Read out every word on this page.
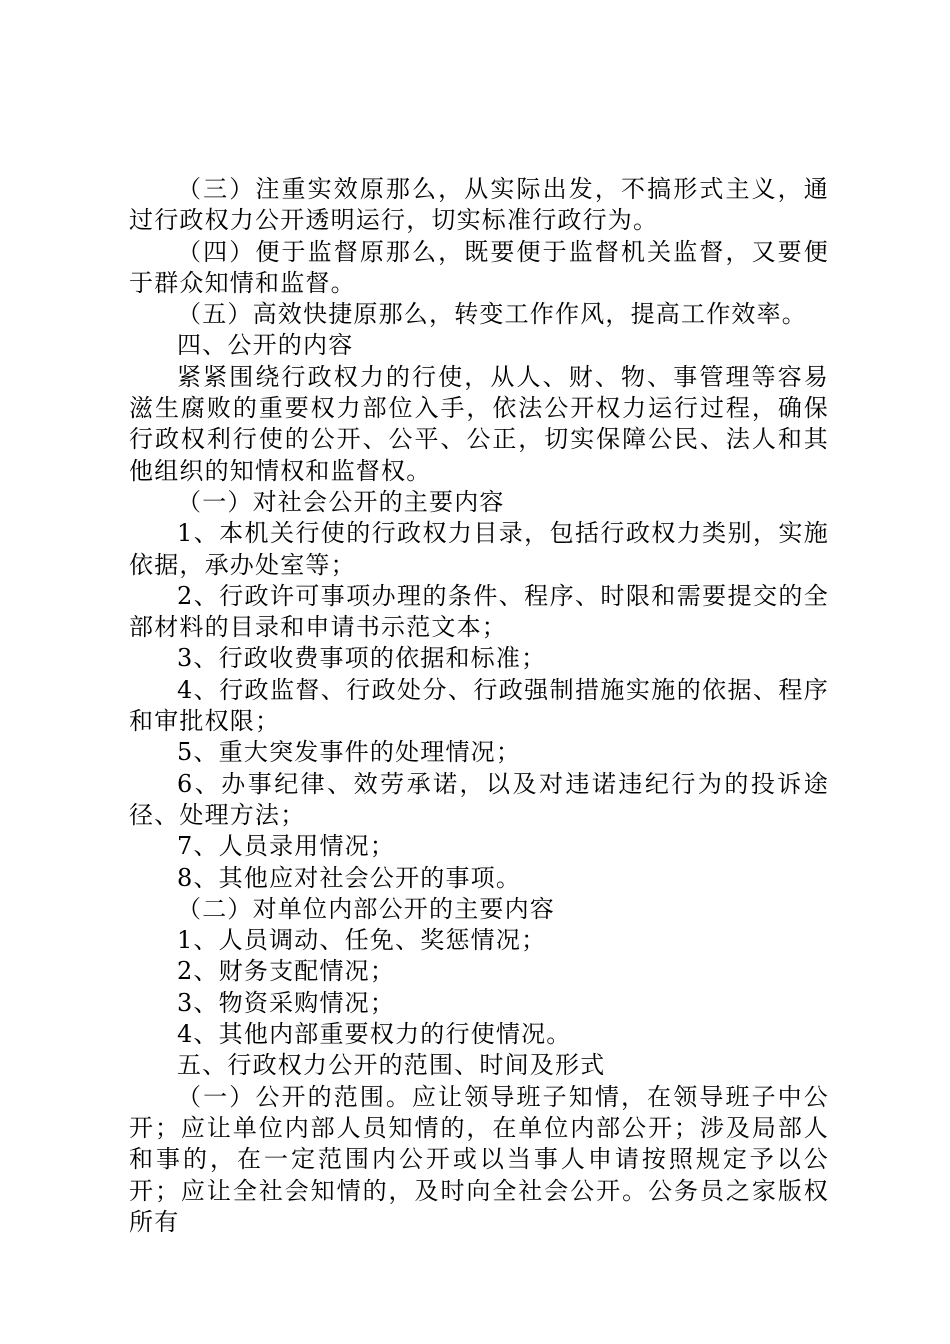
（三）注重实效原那么，从实际出发，不搞形式主义，通过行政权力公开透明运行，切实标准行政行为。

（四）便于监督原那么，既要便于监督机关监督，又要便于群众知情和监督。

（五）高效快捷原那么，转变工作作风，提高工作效率。

四、公开的内容

紧紧围绕行政权力的行使，从人、财、物、事管理等容易滋生腐败的重要权力部位入手，依法公开权力运行过程，确保行政权利行使的公开、公平、公正，切实保障公民、法人和其他组织的知情权和监督权。

（一）对社会公开的主要内容

1、本机关行使的行政权力目录，包括行政权力类别，实施依据，承办处室等；

2、行政许可事项办理的条件、程序、时限和需要提交的全部材料的目录和申请书示范文本；

3、行政收费事项的依据和标准；

4、行政监督、行政处分、行政强制措施实施的依据、程序和审批权限；

5、重大突发事件的处理情况；

6、办事纪律、效劳承诺，以及对违诺违纪行为的投诉途径、处理方法；

7、人员录用情况；

8、其他应对社会公开的事项。

（二）对单位内部公开的主要内容

1、人员调动、任免、奖惩情况；

2、财务支配情况；

3、物资采购情况；

4、其他内部重要权力的行使情况。

五、行政权力公开的范围、时间及形式

（一）公开的范围。应让领导班子知情，在领导班子中公开；应让单位内部人员知情的，在单位内部公开；涉及局部人和事的，在一定范围内公开或以当事人申请按照规定予以公开；应让全社会知情的，及时向全社会公开。公务员之家版权所有
